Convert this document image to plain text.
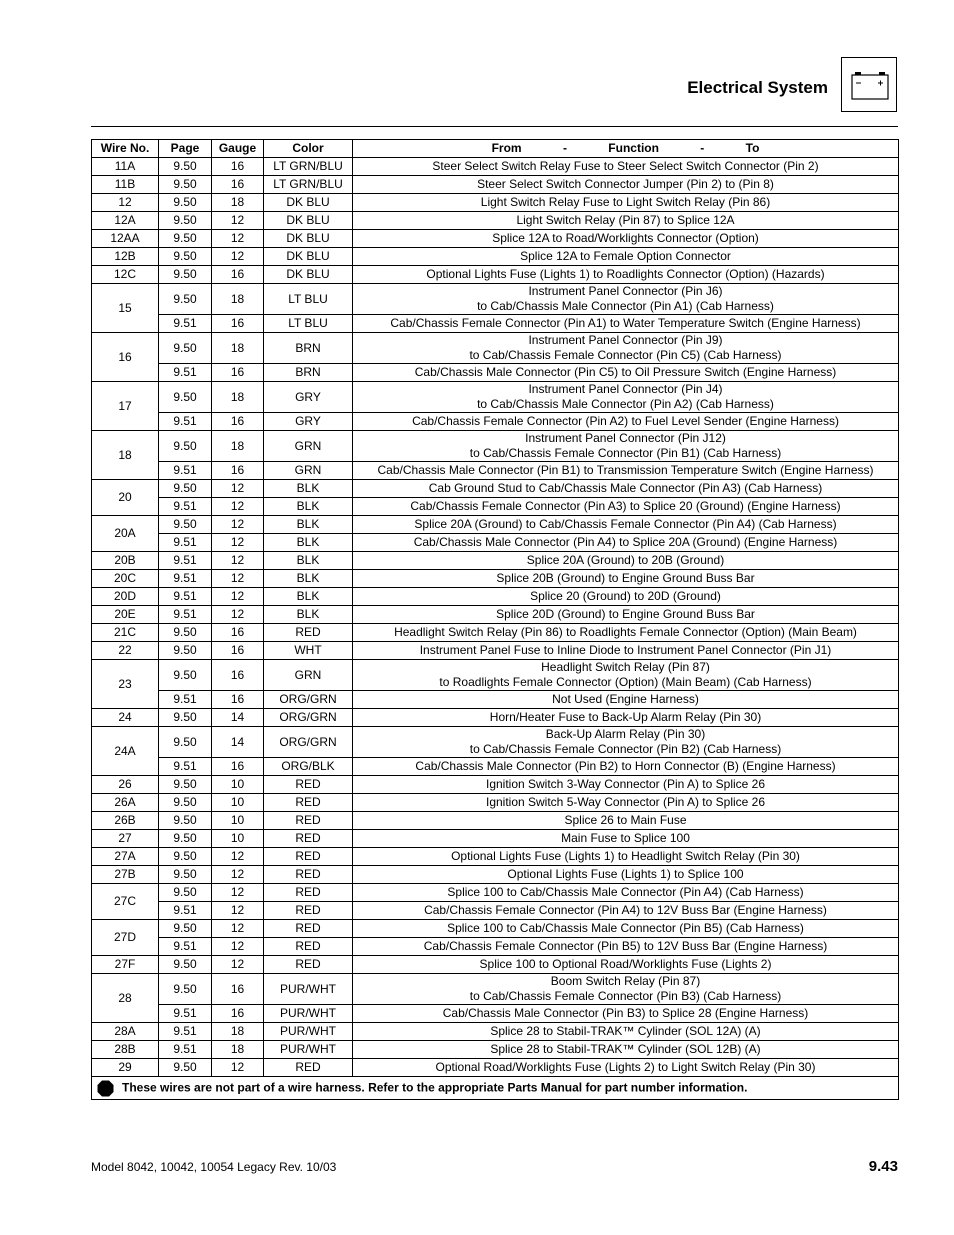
Electrical System
Wire No.	Page	Gauge	Color	From - Function - To
11A	9.50	16	LT GRN/BLU	Steer Select Switch Relay Fuse to Steer Select Switch Connector (Pin 2)

11B	9.50	16	LT GRN/BLU	Steer Select Switch Connector Jumper (Pin 2) to (Pin 8)

12	9.50	18	DK BLU	Light Switch Relay Fuse to Light Switch Relay (Pin 86)

12A	9.50	12	DK BLU	Light Switch Relay (Pin 87) to Splice 12A

12AA	9.50	12	DK BLU	Splice 12A to Road/Worklights Connector (Option)

12B	9.50	12	DK BLU	Splice 12A to Female Option Connector

12C	9.50	16	DK BLU	Optional Lights Fuse (Lights 1) to Roadlights Connector (Option) (Hazards)

15	9.50	18	LT BLU	Instrument Panel Connector (Pin J6)
to Cab/Chassis Male Connector (Pin A1) (Cab Harness)

	9.51	16	LT BLU	Cab/Chassis Female Connector (Pin A1) to Water Temperature Switch (Engine Harness)

16	9.50	18	BRN	Instrument Panel Connector (Pin J9)
to Cab/Chassis Female Connector (Pin C5) (Cab Harness)

	9.51	16	BRN	Cab/Chassis Male Connector (Pin C5) to Oil Pressure Switch (Engine Harness)

17	9.50	18	GRY	Instrument Panel Connector (Pin J4)
to Cab/Chassis Male Connector (Pin A2) (Cab Harness)

	9.51	16	GRY	Cab/Chassis Female Connector (Pin A2) to Fuel Level Sender (Engine Harness)

18	9.50	18	GRN	Instrument Panel Connector (Pin J12)
to Cab/Chassis Female Connector (Pin B1) (Cab Harness)

	9.51	16	GRN	Cab/Chassis Male Connector (Pin B1) to Transmission Temperature Switch (Engine Harness)

20	9.50	12	BLK	Cab Ground Stud to Cab/Chassis Male Connector (Pin A3) (Cab Harness)

	9.51	12	BLK	Cab/Chassis Female Connector (Pin A3) to Splice 20 (Ground) (Engine Harness)

20A	9.50	12	BLK	Splice 20A (Ground) to Cab/Chassis Female Connector (Pin A4) (Cab Harness)

	9.51	12	BLK	Cab/Chassis Male Connector (Pin A4) to Splice 20A (Ground) (Engine Harness)

20B	9.51	12	BLK	Splice 20A (Ground) to 20B (Ground)

20C	9.51	12	BLK	Splice 20B (Ground) to Engine Ground Buss Bar

20D	9.51	12	BLK	Splice 20 (Ground) to 20D (Ground)

20E	9.51	12	BLK	Splice 20D (Ground) to Engine Ground Buss Bar

21C	9.50	16	RED	Headlight Switch Relay (Pin 86) to Roadlights Female Connector (Option) (Main Beam)

22	9.50	16	WHT	Instrument Panel Fuse to Inline Diode to Instrument Panel Connector (Pin J1)

23	9.50	16	GRN	Headlight Switch Relay (Pin 87)
to Roadlights Female Connector (Option) (Main Beam) (Cab Harness)

	9.51	16	ORG/GRN	Not Used (Engine Harness)

24	9.50	14	ORG/GRN	Horn/Heater Fuse to Back-Up Alarm Relay (Pin 30)

24A	9.50	14	ORG/GRN	Back-Up Alarm Relay (Pin 30)
to Cab/Chassis Female Connector (Pin B2) (Cab Harness)

	9.51	16	ORG/BLK	Cab/Chassis Male Connector (Pin B2) to Horn Connector (B) (Engine Harness)

26	9.50	10	RED	Ignition Switch 3-Way Connector (Pin A) to Splice 26

26A	9.50	10	RED	Ignition Switch 5-Way Connector (Pin A) to Splice 26

26B	9.50	10	RED	Splice 26 to Main Fuse

27	9.50	10	RED	Main Fuse to Splice 100

27A	9.50	12	RED	Optional Lights Fuse (Lights 1) to Headlight Switch Relay (Pin 30)

27B	9.50	12	RED	Optional Lights Fuse (Lights 1) to Splice 100

27C	9.50	12	RED	Splice 100 to Cab/Chassis Male Connector (Pin A4) (Cab Harness)

	9.51	12	RED	Cab/Chassis Female Connector (Pin A4) to 12V Buss Bar (Engine Harness)

27D	9.50	12	RED	Splice 100 to Cab/Chassis Male Connector (Pin B5) (Cab Harness)

	9.51	12	RED	Cab/Chassis Female Connector (Pin B5) to 12V Buss Bar (Engine Harness)

27F	9.50	12	RED	Splice 100 to Optional Road/Worklights Fuse (Lights 2)

28	9.50	16	PUR/WHT	Boom Switch Relay (Pin 87)
to Cab/Chassis Female Connector (Pin B3) (Cab Harness)

	9.51	16	PUR/WHT	Cab/Chassis Male Connector (Pin B3) to Splice 28 (Engine Harness)

28A	9.51	18	PUR/WHT	Splice 28 to Stabil-TRAK™ Cylinder (SOL 12A) (A)

28B	9.51	18	PUR/WHT	Splice 28 to Stabil-TRAK™ Cylinder (SOL 12B) (A)

29	9.50	12	RED	Optional Road/Worklights Fuse (Lights 2) to Light Switch Relay (Pin 30)

These wires are not part of a wire harness. Refer to the appropriate Parts Manual for part number information.				
Model 8042, 10042, 10054 Legacy Rev. 10/03	9.43
